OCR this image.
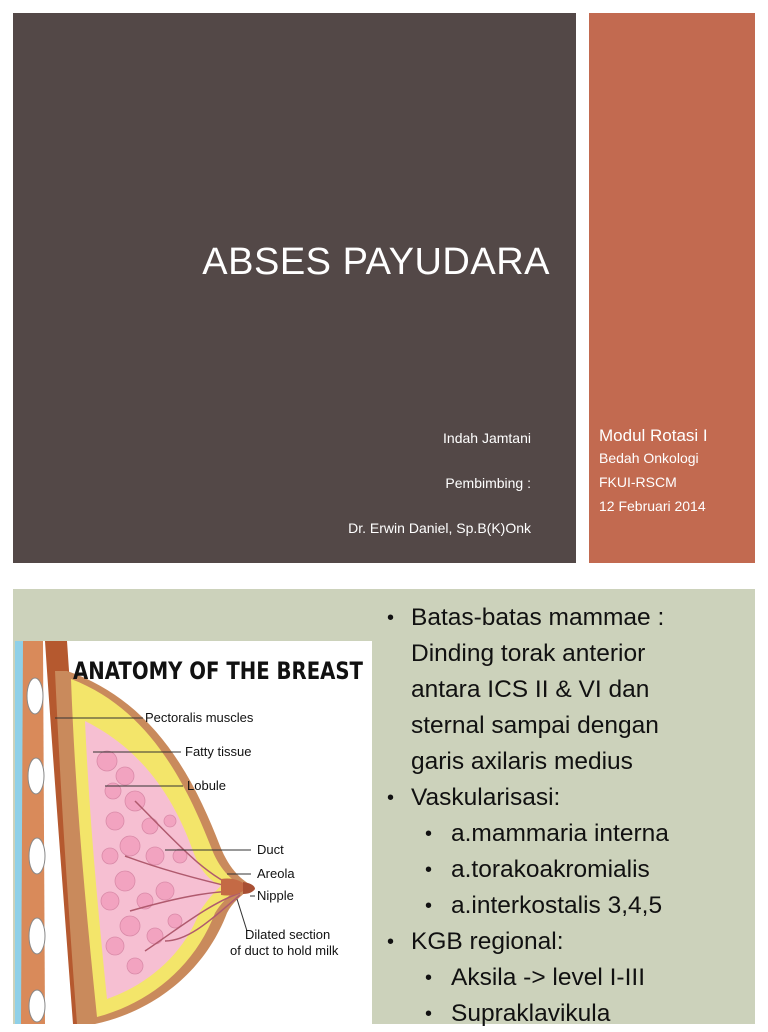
ABSES PAYUDARA
Indah Jamtani
Pembimbing :
Dr. Erwin Daniel, Sp.B(K)Onk
Modul Rotasi I
Bedah Onkologi
FKUI-RSCM
12 Februari 2014
ANATOMY OF THE BREAST
Pectoralis muscles
Fatty tissue
Lobule
Duct
Areola
Nipple
Dilated section
of duct to hold milk
• Batas-batas mammae :
Dinding torak anterior
antara ICS II & VI dan
sternal sampai dengan
garis axilaris medius
• Vaskularisasi:
• a.mammaria interna
• a.torakoakromialis
• a.interkostalis 3,4,5
• KGB regional:
• Aksila -> level I-III
• Supraklavikula
